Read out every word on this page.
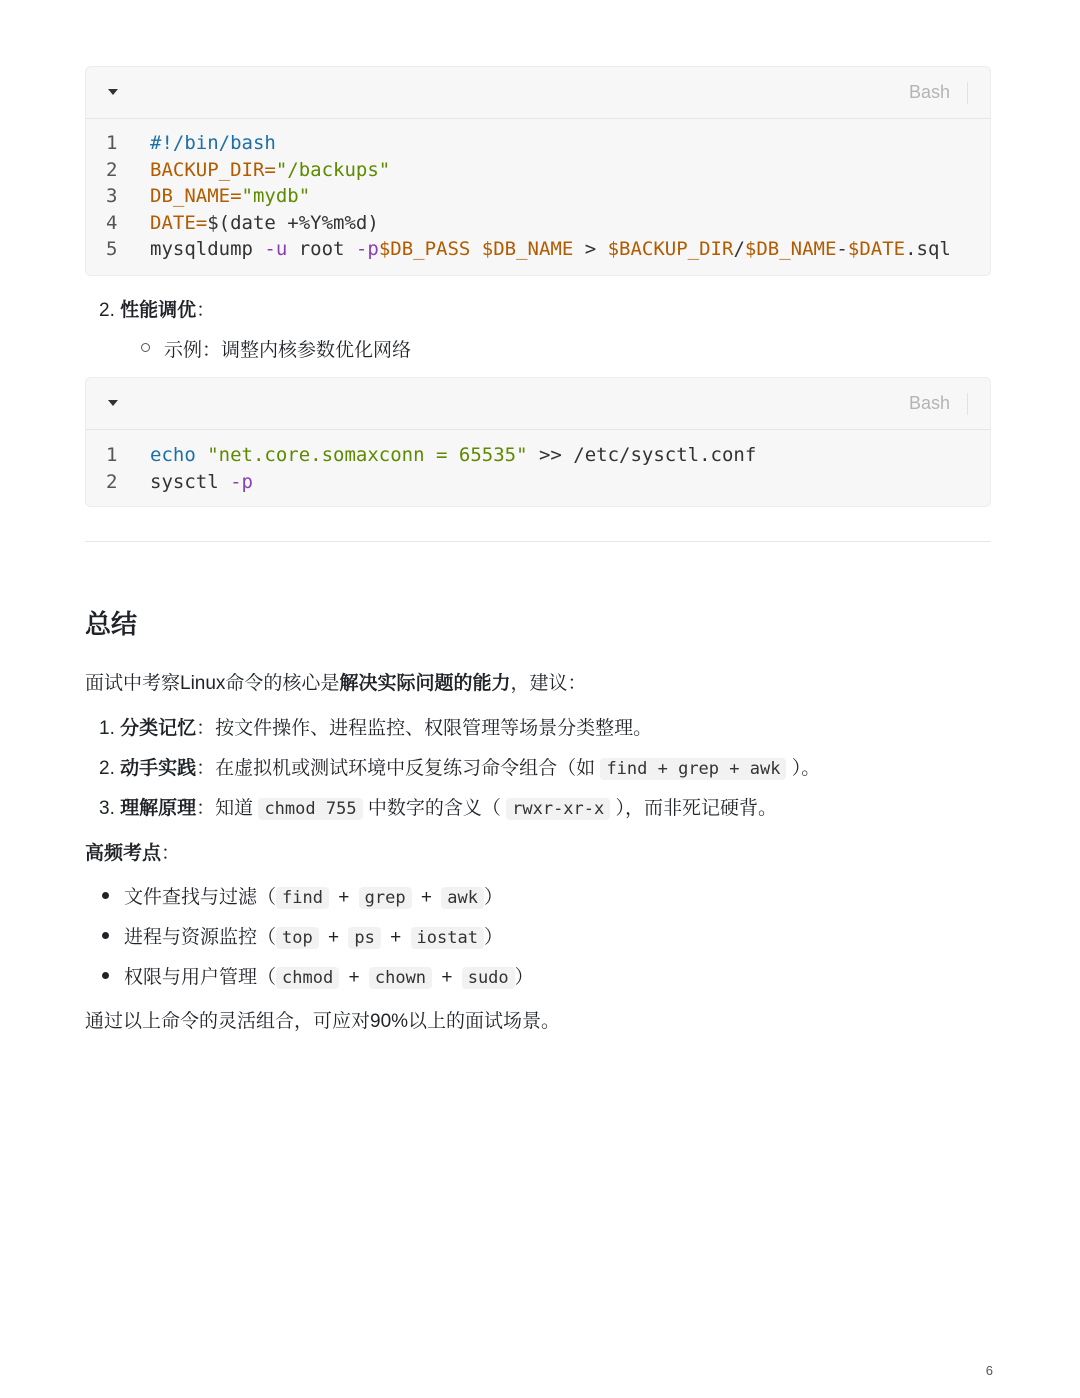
Bash
1	#!/bin/bash
2	BACKUP_DIR="/backups"
3	DB_NAME="mydb"
4	DATE=$(date +%Y%m%d)
5	mysqldump -u root -p$DB_PASS $DB_NAME > $BACKUP_DIR/$DB_NAME-$DATE.sql
2. 性能调优：
示例：调整内核参数优化网络
Bash
1	echo "net.core.somaxconn = 65535" >> /etc/sysctl.conf
2	sysctl -p
总结
面试中考察Linux命令的核心是解决实际问题的能力，建议：
1. 分类记忆：按文件操作、进程监控、权限管理等场景分类整理。
2. 动手实践：在虚拟机或测试环境中反复练习命令组合（如 find + grep + awk ）。
3. 理解原理：知道 chmod 755 中数字的含义（ rwxr-xr-x ），而非死记硬背。
高频考点：
文件查找与过滤（ find + grep + awk ）
进程与资源监控（ top + ps + iostat ）
权限与用户管理（ chmod + chown + sudo ）
通过以上命令的灵活组合，可应对90%以上的面试场景。
6
